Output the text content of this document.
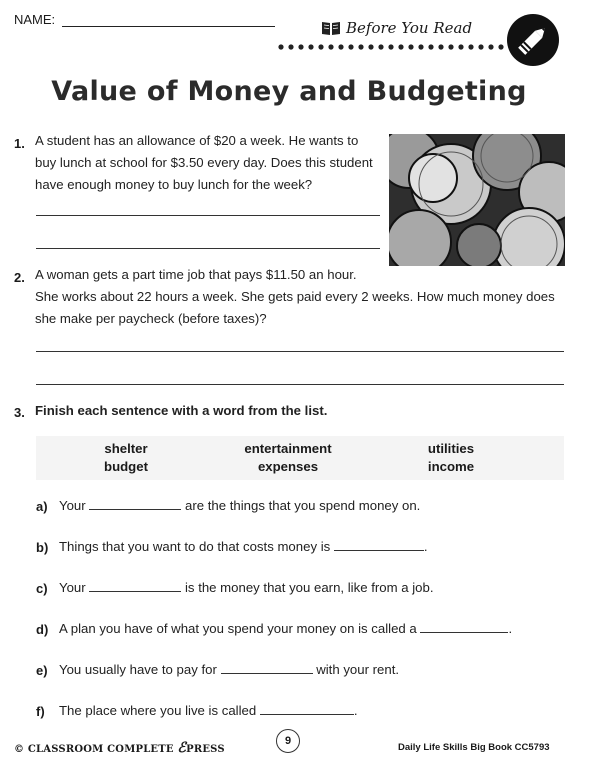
NAME:	Before You Read
Value of Money and Budgeting
1. A student has an allowance of $20 a week. He wants to
buy lunch at school for $3.50 every day. Does this student
have enough money to buy lunch for the week?
2. A woman gets a part time job that pays $11.50 an hour.
She works about 22 hours a week. She gets paid every 2 weeks. How much money does
she make per paycheck (before taxes)?
3. Finish each sentence with a word from the list.
shelter	entertainment	utilities
budget	expenses	income
a) Your	are the things that you spend money on.
b) Things that you want to do that costs money is	.
c) Your	is the money that you earn, like from a job.
d) A plan you have of what you spend your money on is called a	.
e) You usually have to pay for	with your rent.
f) The place where you live is called	.
© CLASSROOM COMPLETE ℰPRESS
9
Daily Life Skills Big Book CC5793
